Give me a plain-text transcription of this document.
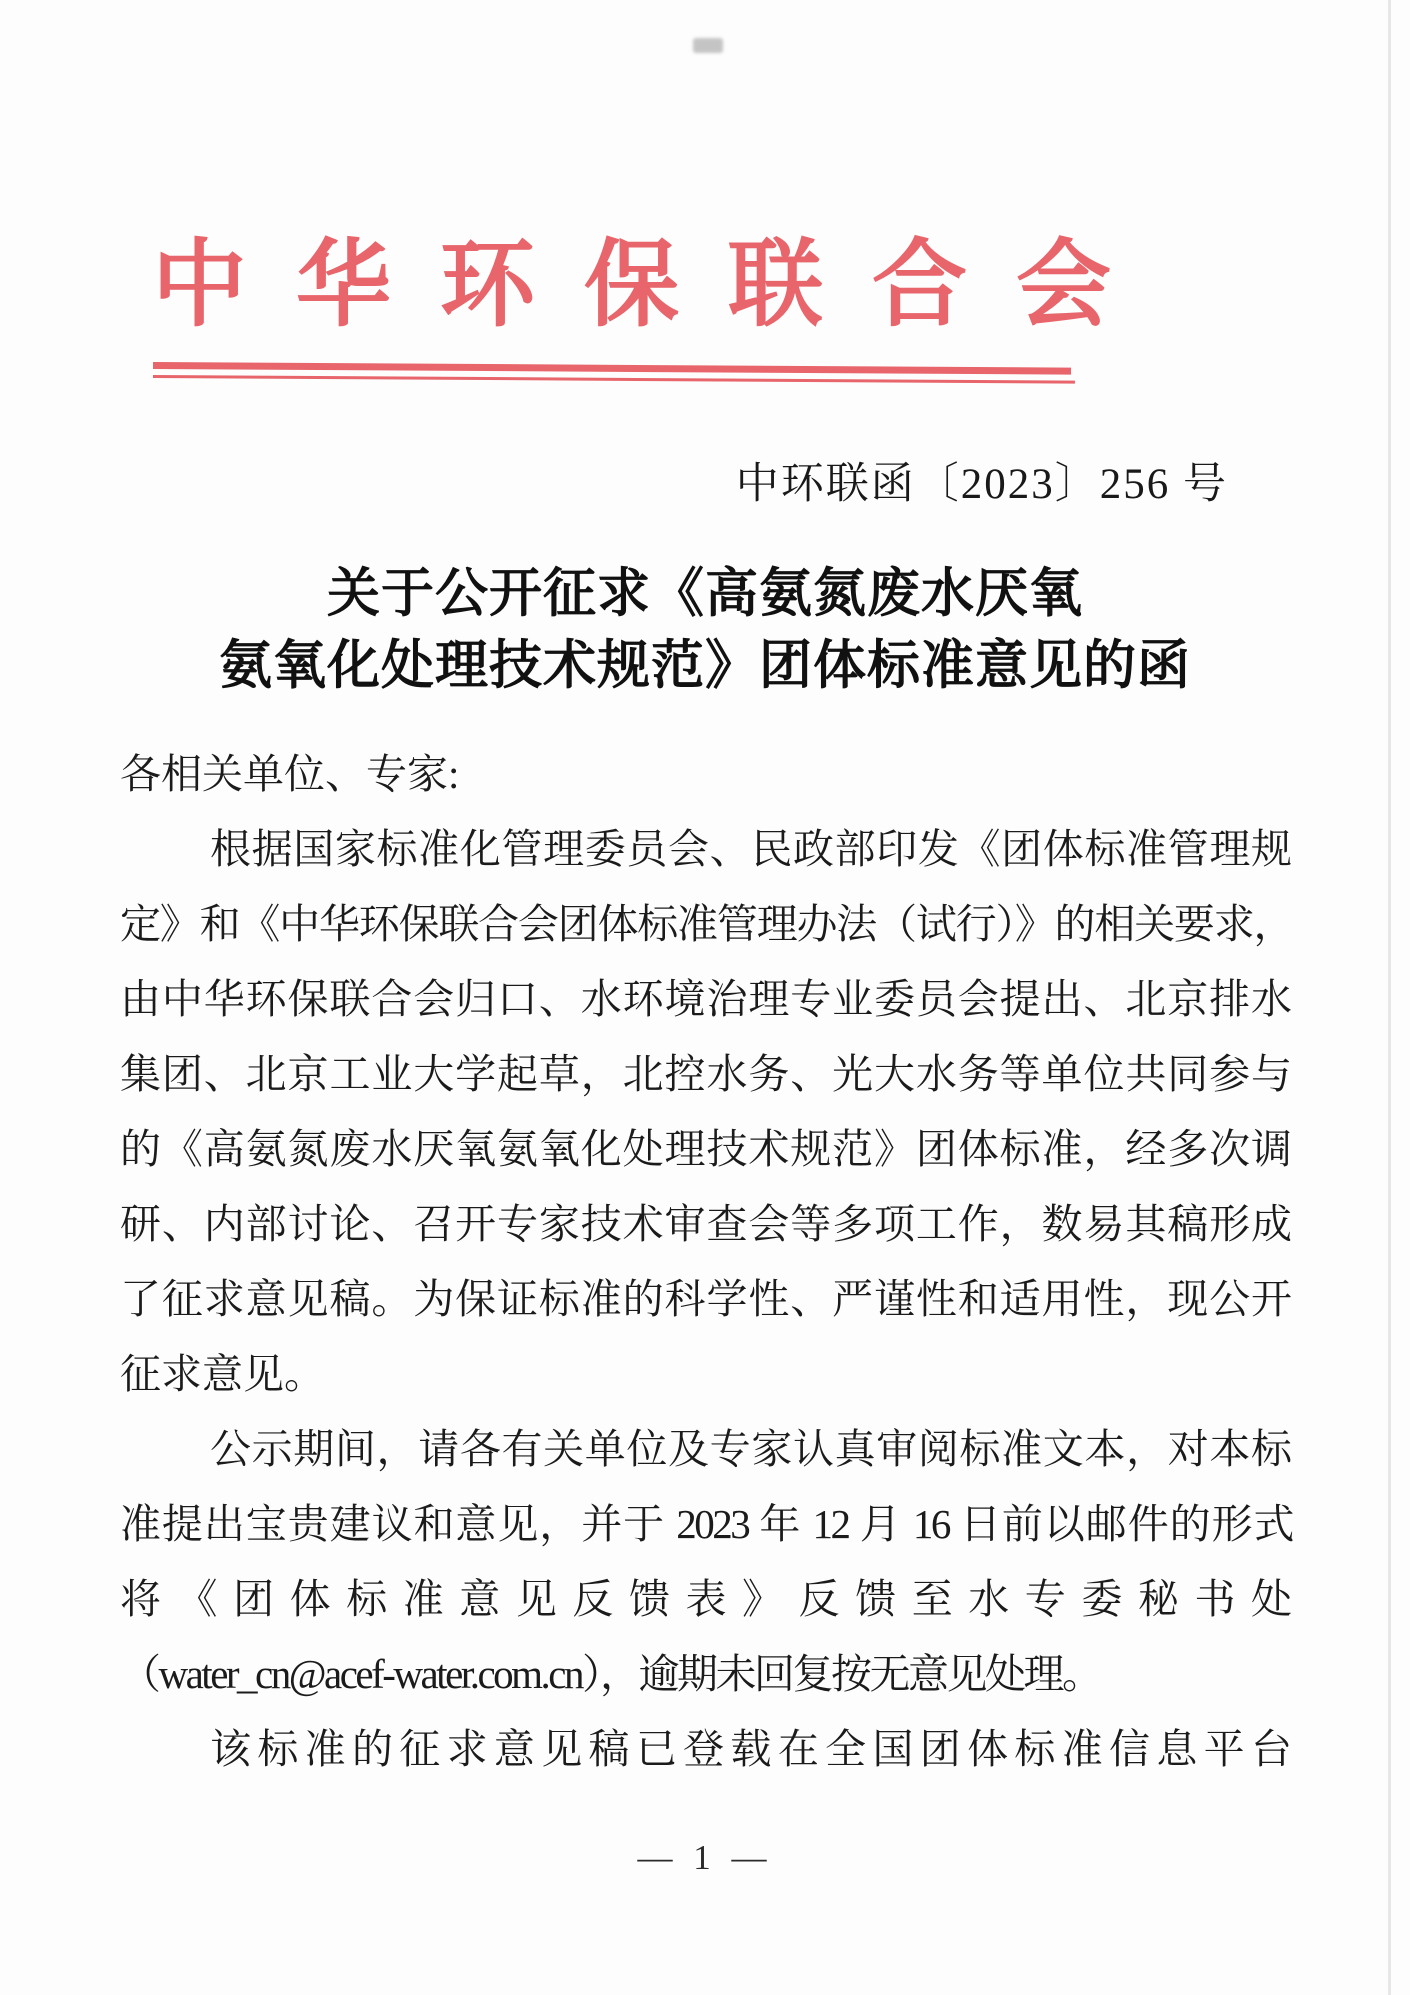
中华环保联合会
中环联函〔2023〕256 号
关于公开征求《高氨氮废水厌氧
氨氧化处理技术规范》团体标准意见的函
各相关单位、专家:
根据国家标准化管理委员会、民政部印发《团体标准管理规
定》和《中华环保联合会团体标准管理办法（试行）》的相关要求，
由中华环保联合会归口、水环境治理专业委员会提出、北京排水
集团、北京工业大学起草，北控水务、光大水务等单位共同参与
的《高氨氮废水厌氧氨氧化处理技术规范》团体标准，经多次调
研、内部讨论、召开专家技术审查会等多项工作，数易其稿形成
了征求意见稿。为保证标准的科学性、严谨性和适用性，现公开
征求意见。
公示期间，请各有关单位及专家认真审阅标准文本，对本标
准提出宝贵建议和意见，并于 2023 年 12 月 16 日前以邮件的形式
将《团体标准意见反馈表》反馈至水专委秘书处
（water_cn@acef-water.com.cn），逾期未回复按无意见处理。
该标准的征求意见稿已登载在全国团体标准信息平台
— 1 —
